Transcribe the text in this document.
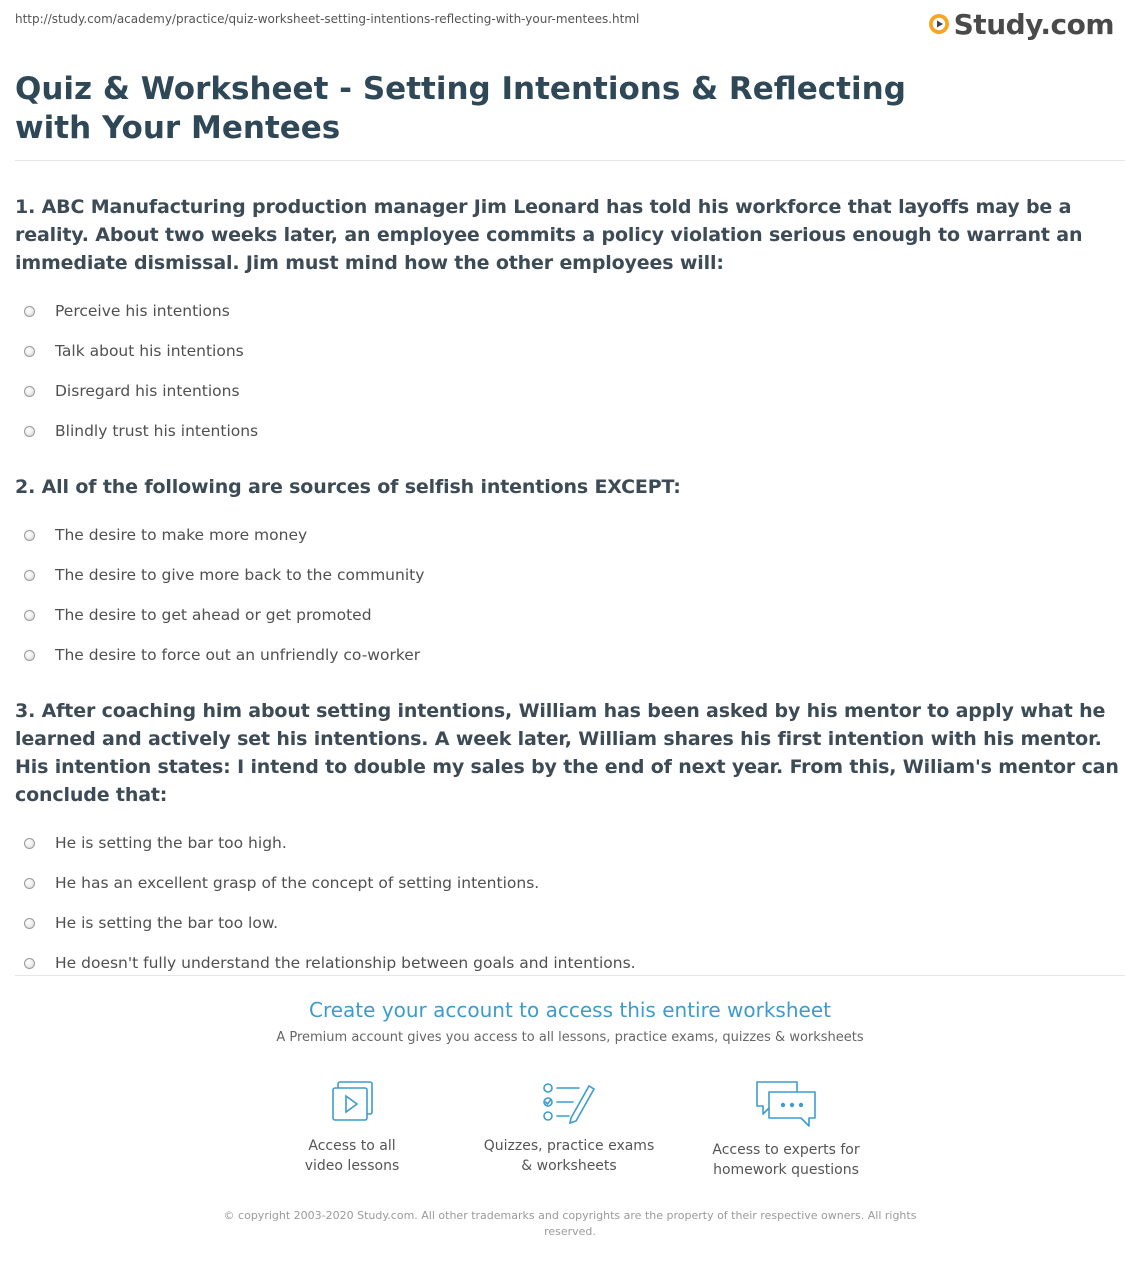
http://study.com/academy/practice/quiz-worksheet-setting-intentions-reflecting-with-your-mentees.html	Study.com
Quiz & Worksheet - Setting Intentions & Reflecting with Your Mentees

1. ABC Manufacturing production manager Jim Leonard has told his workforce that layoffs may be a reality. About two weeks later, an employee commits a policy violation serious enough to warrant an immediate dismissal. Jim must mind how the other employees will:

Perceive his intentions
Talk about his intentions
Disregard his intentions
Blindly trust his intentions

2. All of the following are sources of selfish intentions EXCEPT:

The desire to make more money
The desire to give more back to the community
The desire to get ahead or get promoted
The desire to force out an unfriendly co-worker

3. After coaching him about setting intentions, William has been asked by his mentor to apply what he learned and actively set his intentions. A week later, William shares his first intention with his mentor. His intention states: I intend to double my sales by the end of next year. From this, Wiliam's mentor can conclude that:

He is setting the bar too high.
He has an excellent grasp of the concept of setting intentions.
He is setting the bar too low.
He doesn't fully understand the relationship between goals and intentions.
Create your account to access this entire worksheet
A Premium account gives you access to all lessons, practice exams, quizzes & worksheets
Access to all
video lessons
Quizzes, practice exams
& worksheets
Access to experts for
homework questions
© copyright 2003-2020 Study.com. All other trademarks and copyrights are the property of their respective owners. All rights reserved.
